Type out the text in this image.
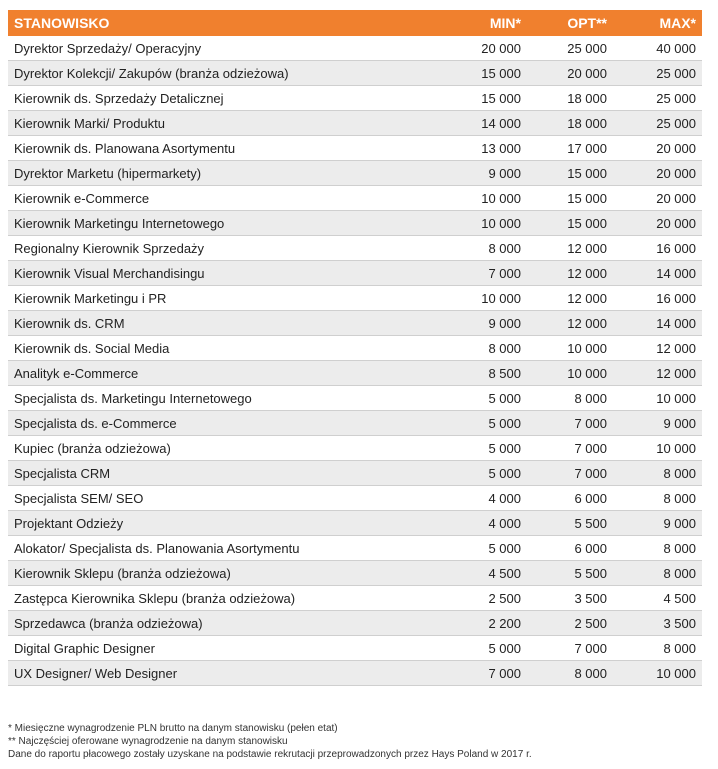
STANOWISKO	MIN*	OPT**	MAX*
Dyrektor Sprzedaży/ Operacyjny	20 000	25 000	40 000
Dyrektor Kolekcji/ Zakupów (branża odzieżowa)	15 000	20 000	25 000
Kierownik ds. Sprzedaży Detalicznej	15 000	18 000	25 000
Kierownik Marki/ Produktu	14 000	18 000	25 000
Kierownik ds. Planowana Asortymentu	13 000	17 000	20 000
Dyrektor Marketu (hipermarkety)	9 000	15 000	20 000
Kierownik e-Commerce	10 000	15 000	20 000
Kierownik Marketingu Internetowego	10 000	15 000	20 000
Regionalny Kierownik Sprzedaży	8 000	12 000	16 000
Kierownik Visual Merchandisingu	7 000	12 000	14 000
Kierownik Marketingu i PR	10 000	12 000	16 000
Kierownik ds. CRM	9 000	12 000	14 000
Kierownik ds. Social Media	8 000	10 000	12 000
Analityk e-Commerce	8 500	10 000	12 000
Specjalista ds. Marketingu Internetowego	5 000	8 000	10 000
Specjalista ds. e-Commerce	5 000	7 000	9 000
Kupiec (branża odzieżowa)	5 000	7 000	10 000
Specjalista CRM	5 000	7 000	8 000
Specjalista SEM/ SEO	4 000	6 000	8 000
Projektant Odzieży	4 000	5 500	9 000
Alokator/ Specjalista ds. Planowania Asortymentu	5 000	6 000	8 000
Kierownik Sklepu (branża odzieżowa)	4 500	5 500	8 000
Zastępca Kierownika Sklepu (branża odzieżowa)	2 500	3 500	4 500
Sprzedawca (branża odzieżowa)	2 200	2 500	3 500
Digital Graphic Designer	5 000	7 000	8 000
UX Designer/ Web Designer	7 000	8 000	10 000
* Miesięczne wynagrodzenie PLN brutto na danym stanowisku (pełen etat)
** Najczęściej oferowane wynagrodzenie na danym stanowisku
Dane do raportu płacowego zostały uzyskane na podstawie rekrutacji przeprowadzonych przez Hays Poland w 2017 r.
